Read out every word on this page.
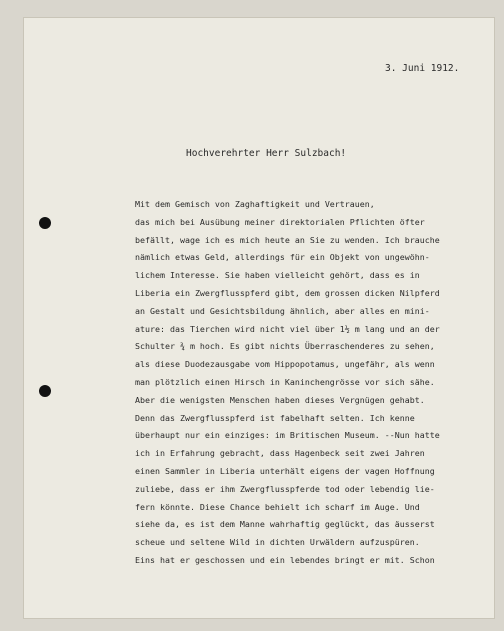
3. Juni 1912.
Hochverehrter Herr Sulzbach!
Mit dem Gemisch von Zaghaftigkeit und Vertrauen,
das mich bei Ausübung meiner direktorialen Pflichten öfter
befällt, wage ich es mich heute an Sie zu wenden. Ich brauche
nämlich etwas Geld, allerdings für ein Objekt von ungewöhn-
lichem Interesse. Sie haben vielleicht gehört, dass es in
Liberia ein Zwergflusspferd gibt, dem grossen dicken Nilpferd
an Gestalt und Gesichtsbildung ähnlich, aber alles en mini-
ature: das Tierchen wird nicht viel über 1½ m lang und an der
Schulter ¾ m hoch. Es gibt nichts Überraschenderes zu sehen,
als diese Duodezausgabe vom Hippopotamus, ungefähr, als wenn
man plötzlich einen Hirsch in Kaninchengrösse vor sich sähe.
Aber die wenigsten Menschen haben dieses Vergnügen gehabt.
Denn das Zwergflusspferd ist fabelhaft selten. Ich kenne
überhaupt nur ein einziges: im Britischen Museum. --Nun hatte
ich in Erfahrung gebracht, dass Hagenbeck seit zwei Jahren
einen Sammler in Liberia unterhält eigens der vagen Hoffnung
zuliebe, dass er ihm Zwergflusspferde tod oder lebendig lie-
fern könnte. Diese Chance behielt ich scharf im Auge. Und
siehe da, es ist dem Manne wahrhaftig geglückt, das äusserst
scheue und seltene Wild in dichten Urwäldern aufzuspüren.
Eins hat er geschossen und ein lebendes bringt er mit. Schon
